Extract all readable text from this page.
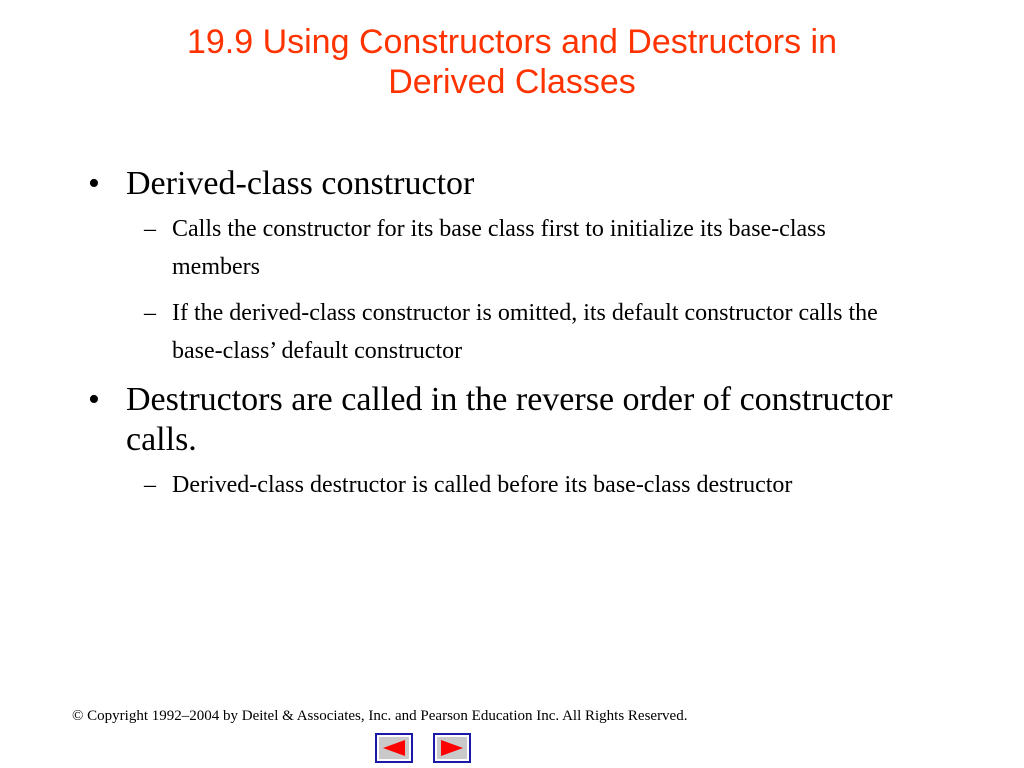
19.9 Using Constructors and Destructors in
Derived Classes
• Derived-class constructor
– Calls the constructor for its base class first to initialize its base-class members
– If the derived-class constructor is omitted, its default constructor calls the base-class’ default constructor
• Destructors are called in the reverse order of constructor calls.
– Derived-class destructor is called before its base-class destructor

© Copyright 1992–2004 by Deitel & Associates, Inc. and Pearson Education Inc. All Rights Reserved.
